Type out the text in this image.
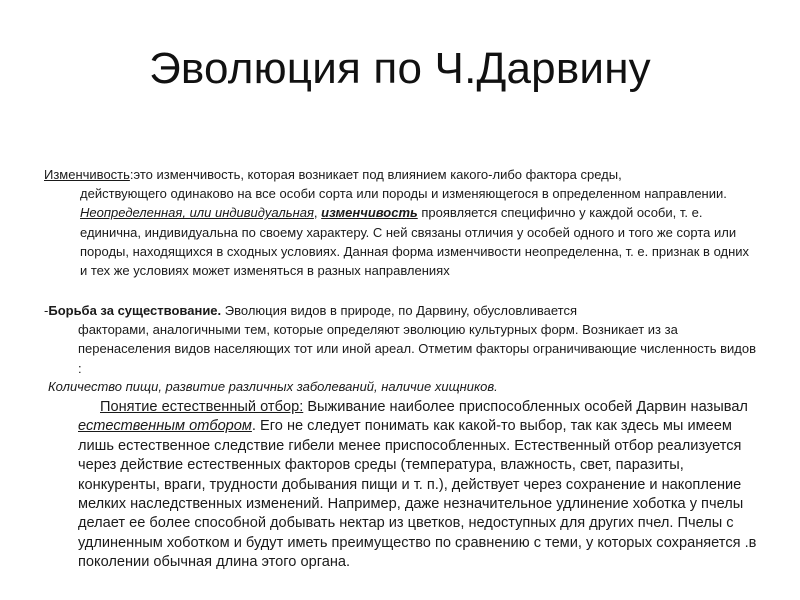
Эволюция по Ч.Дарвину
Изменчивость:это изменчивость, которая возникает под влиянием какого-либо фактора среды,
действующего одинаково на все особи сорта или породы и изменяющегося в определенном направлении. Неопределенная, или индивидуальная, изменчивость проявляется специфично у каждой особи, т. е. единична, индивидуальна по своему характеру. С ней связаны отличия у особей одного и того же сорта или породы, находящихся в сходных условиях. Данная форма изменчивости неопределенна, т. е. признак в одних и тех же условиях может изменяться в разных направлениях
-Борьба за существование. Эволюция видов в природе, по Дарвину, обусловливается
факторами, аналогичными тем, которые определяют эволюцию культурных форм. Возникает из за перенаселения видов населяющих тот или иной ареал. Отметим факторы ограничивающие численность видов :
Количество пищи, развитие различных заболеваний, наличие хищников.
Понятие естественный отбор: Выживание наиболее приспособленных особей Дарвин называл естественным отбором. Его не следует понимать как какой-то выбор, так как здесь мы имеем лишь естественное следствие гибели менее приспособленных. Естественный отбор реализуется через действие естественных факторов среды (температура, влажность, свет, паразиты, конкуренты, враги, трудности добывания пищи и т. п.), действует через сохранение и накопление мелких наследственных изменений. Например, даже незначительное удлинение хоботка у пчелы делает ее более способной добывать нектар из цветков, недоступных для других пчел. Пчелы с удлиненным хоботком и будут иметь преимущество по сравнению с теми, у которых сохраняется .в поколении обычная длина этого органа.
